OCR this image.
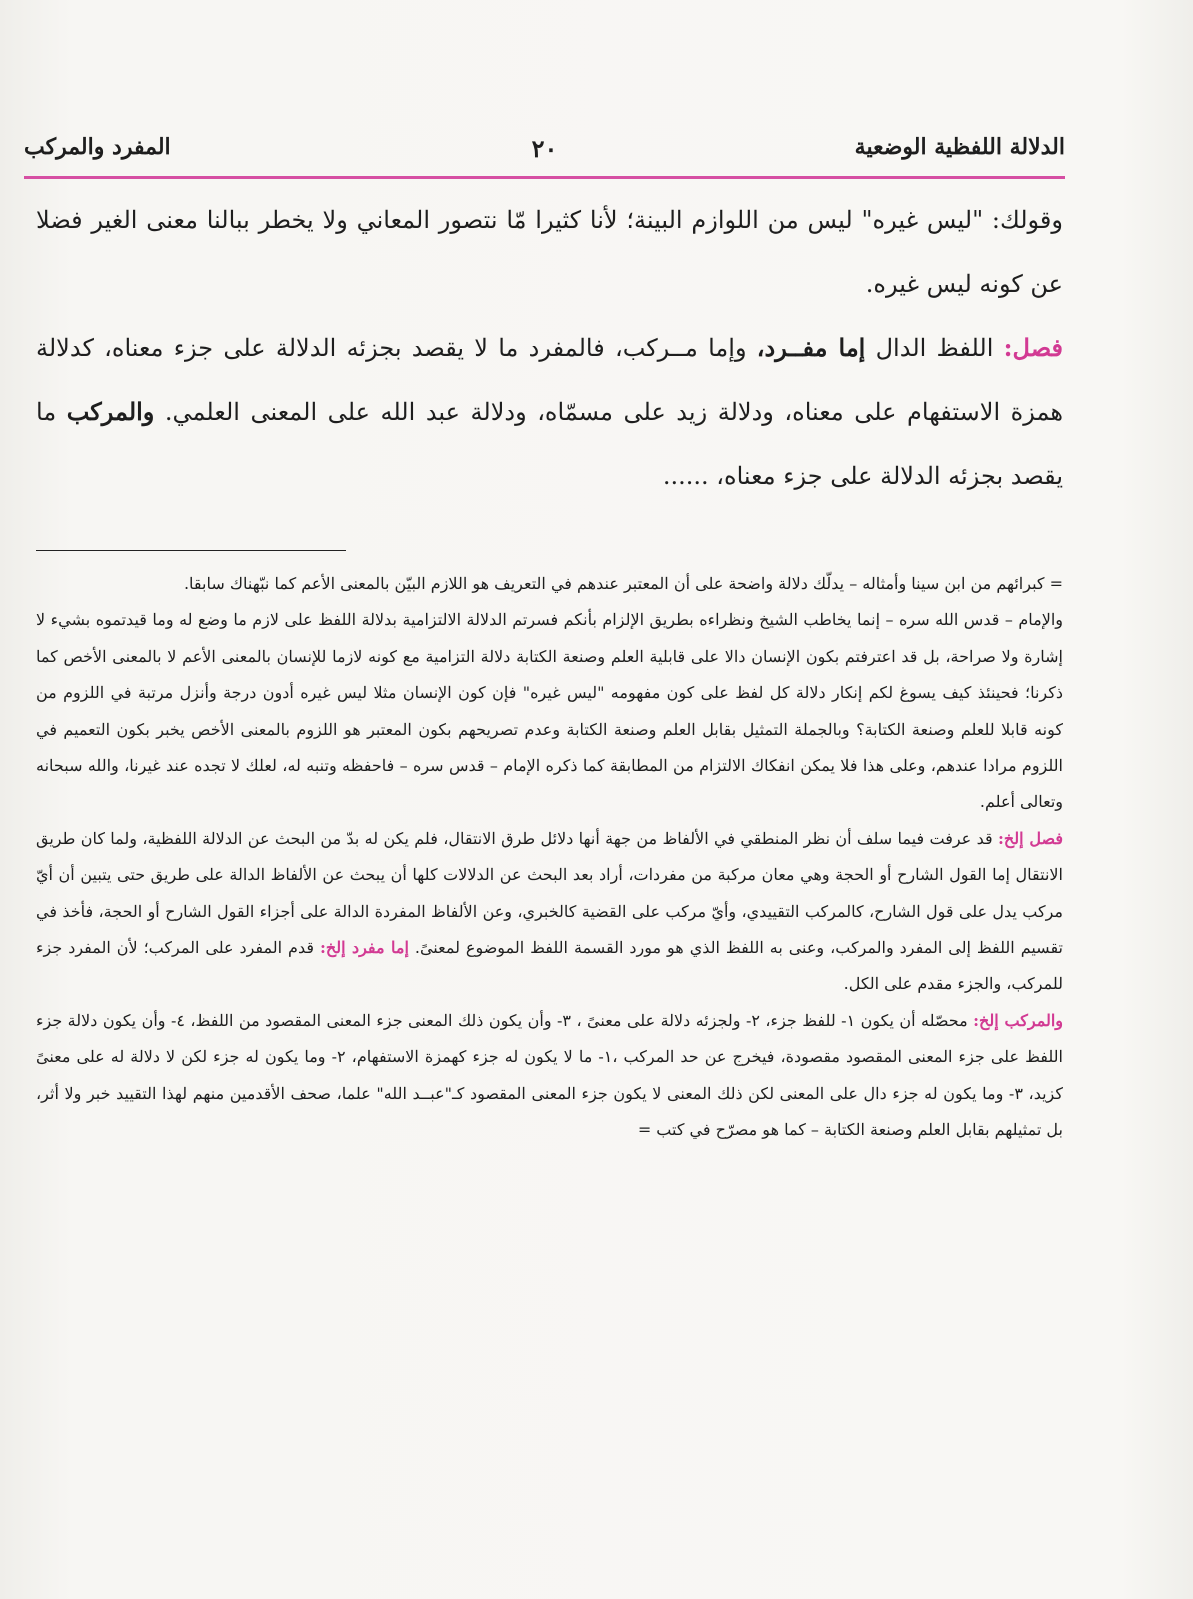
الدلالة اللفظية الوضعية
٢٠
المفرد والمركب

وقولك: "ليس غيره" ليس من اللوازم البينة؛ لأنا كثيرا مّا نتصور المعاني ولا يخطر ببالنا معنى الغير فضلا عن كونه ليس غيره.

فصل: اللفظ الدال إما مفــرد، وإما مــركب، فالمفرد ما لا يقصد بجزئه الدلالة على جزء معناه، كدلالة همزة الاستفهام على معناه، ودلالة زيد على مسمّاه، ودلالة عبد الله على المعنى العلمي. والمركب ما يقصد بجزئه الدلالة على جزء معناه، ......

= كبرائهم من ابن سينا وأمثاله – يدلّك دلالة واضحة على أن المعتبر عندهم في التعريف هو اللازم البيّن بالمعنى الأعم كما نبّهناك سابقا.

والإمام – قدس الله سره – إنما يخاطب الشيخ ونظراءه بطريق الإلزام بأنكم فسرتم الدلالة الالتزامية بدلالة اللفظ على لازم ما وضع له وما قيدتموه بشيء لا إشارة ولا صراحة، بل قد اعترفتم بكون الإنسان دالا على قابلية العلم وصنعة الكتابة دلالة التزامية مع كونه لازما للإنسان بالمعنى الأعم لا بالمعنى الأخص كما ذكرنا؛ فحينئذ كيف يسوغ لكم إنكار دلالة كل لفظ على كون مفهومه "ليس غيره" فإن كون الإنسان مثلا ليس غيره أدون درجة وأنزل مرتبة في اللزوم من كونه قابلا للعلم وصنعة الكتابة؟ وبالجملة التمثيل بقابل العلم وصنعة الكتابة وعدم تصريحهم بكون المعتبر هو اللزوم بالمعنى الأخص يخبر بكون التعميم في اللزوم مرادا عندهم، وعلى هذا فلا يمكن انفكاك الالتزام من المطابقة كما ذكره الإمام – قدس سره – فاحفظه وتنبه له، لعلك لا تجده عند غيرنا، والله سبحانه وتعالى أعلم.

فصل إلخ: قد عرفت فيما سلف أن نظر المنطقي في الألفاظ من جهة أنها دلائل طرق الانتقال، فلم يكن له بدّ من البحث عن الدلالة اللفظية، ولما كان طريق الانتقال إما القول الشارح أو الحجة وهي معان مركبة من مفردات، أراد بعد البحث عن الدلالات كلها أن يبحث عن الألفاظ الدالة على طريق حتى يتبين أن أيّ مركب يدل على قول الشارح، كالمركب التقييدي، وأيّ مركب على القضية كالخبري، وعن الألفاظ المفردة الدالة على أجزاء القول الشارح أو الحجة، فأخذ في تقسيم اللفظ إلى المفرد والمركب، وعنى به اللفظ الذي هو مورد القسمة اللفظ الموضوع لمعنىً. إما مفرد إلخ: قدم المفرد على المركب؛ لأن المفرد جزء للمركب، والجزء مقدم على الكل.

والمركب إلخ: محصّله أن يكون ١- للفظ جزء، ٢- ولجزئه دلالة على معنىً ، ٣- وأن يكون ذلك المعنى جزء المعنى المقصود من اللفظ، ٤- وأن يكون دلالة جزء اللفظ على جزء المعنى المقصود مقصودة، فيخرج عن حد المركب ،١- ما لا يكون له جزء كهمزة الاستفهام، ٢- وما يكون له جزء لكن لا دلالة له على معنىً كزيد، ٣- وما يكون له جزء دال على المعنى لكن ذلك المعنى لا يكون جزء المعنى المقصود كـ"عبــد الله" علما، صحف الأقدمين منهم لهذا التقييد خبر ولا أثر، بل تمثيلهم بقابل العلم وصنعة الكتابة – كما هو مصرّح في كتب =
